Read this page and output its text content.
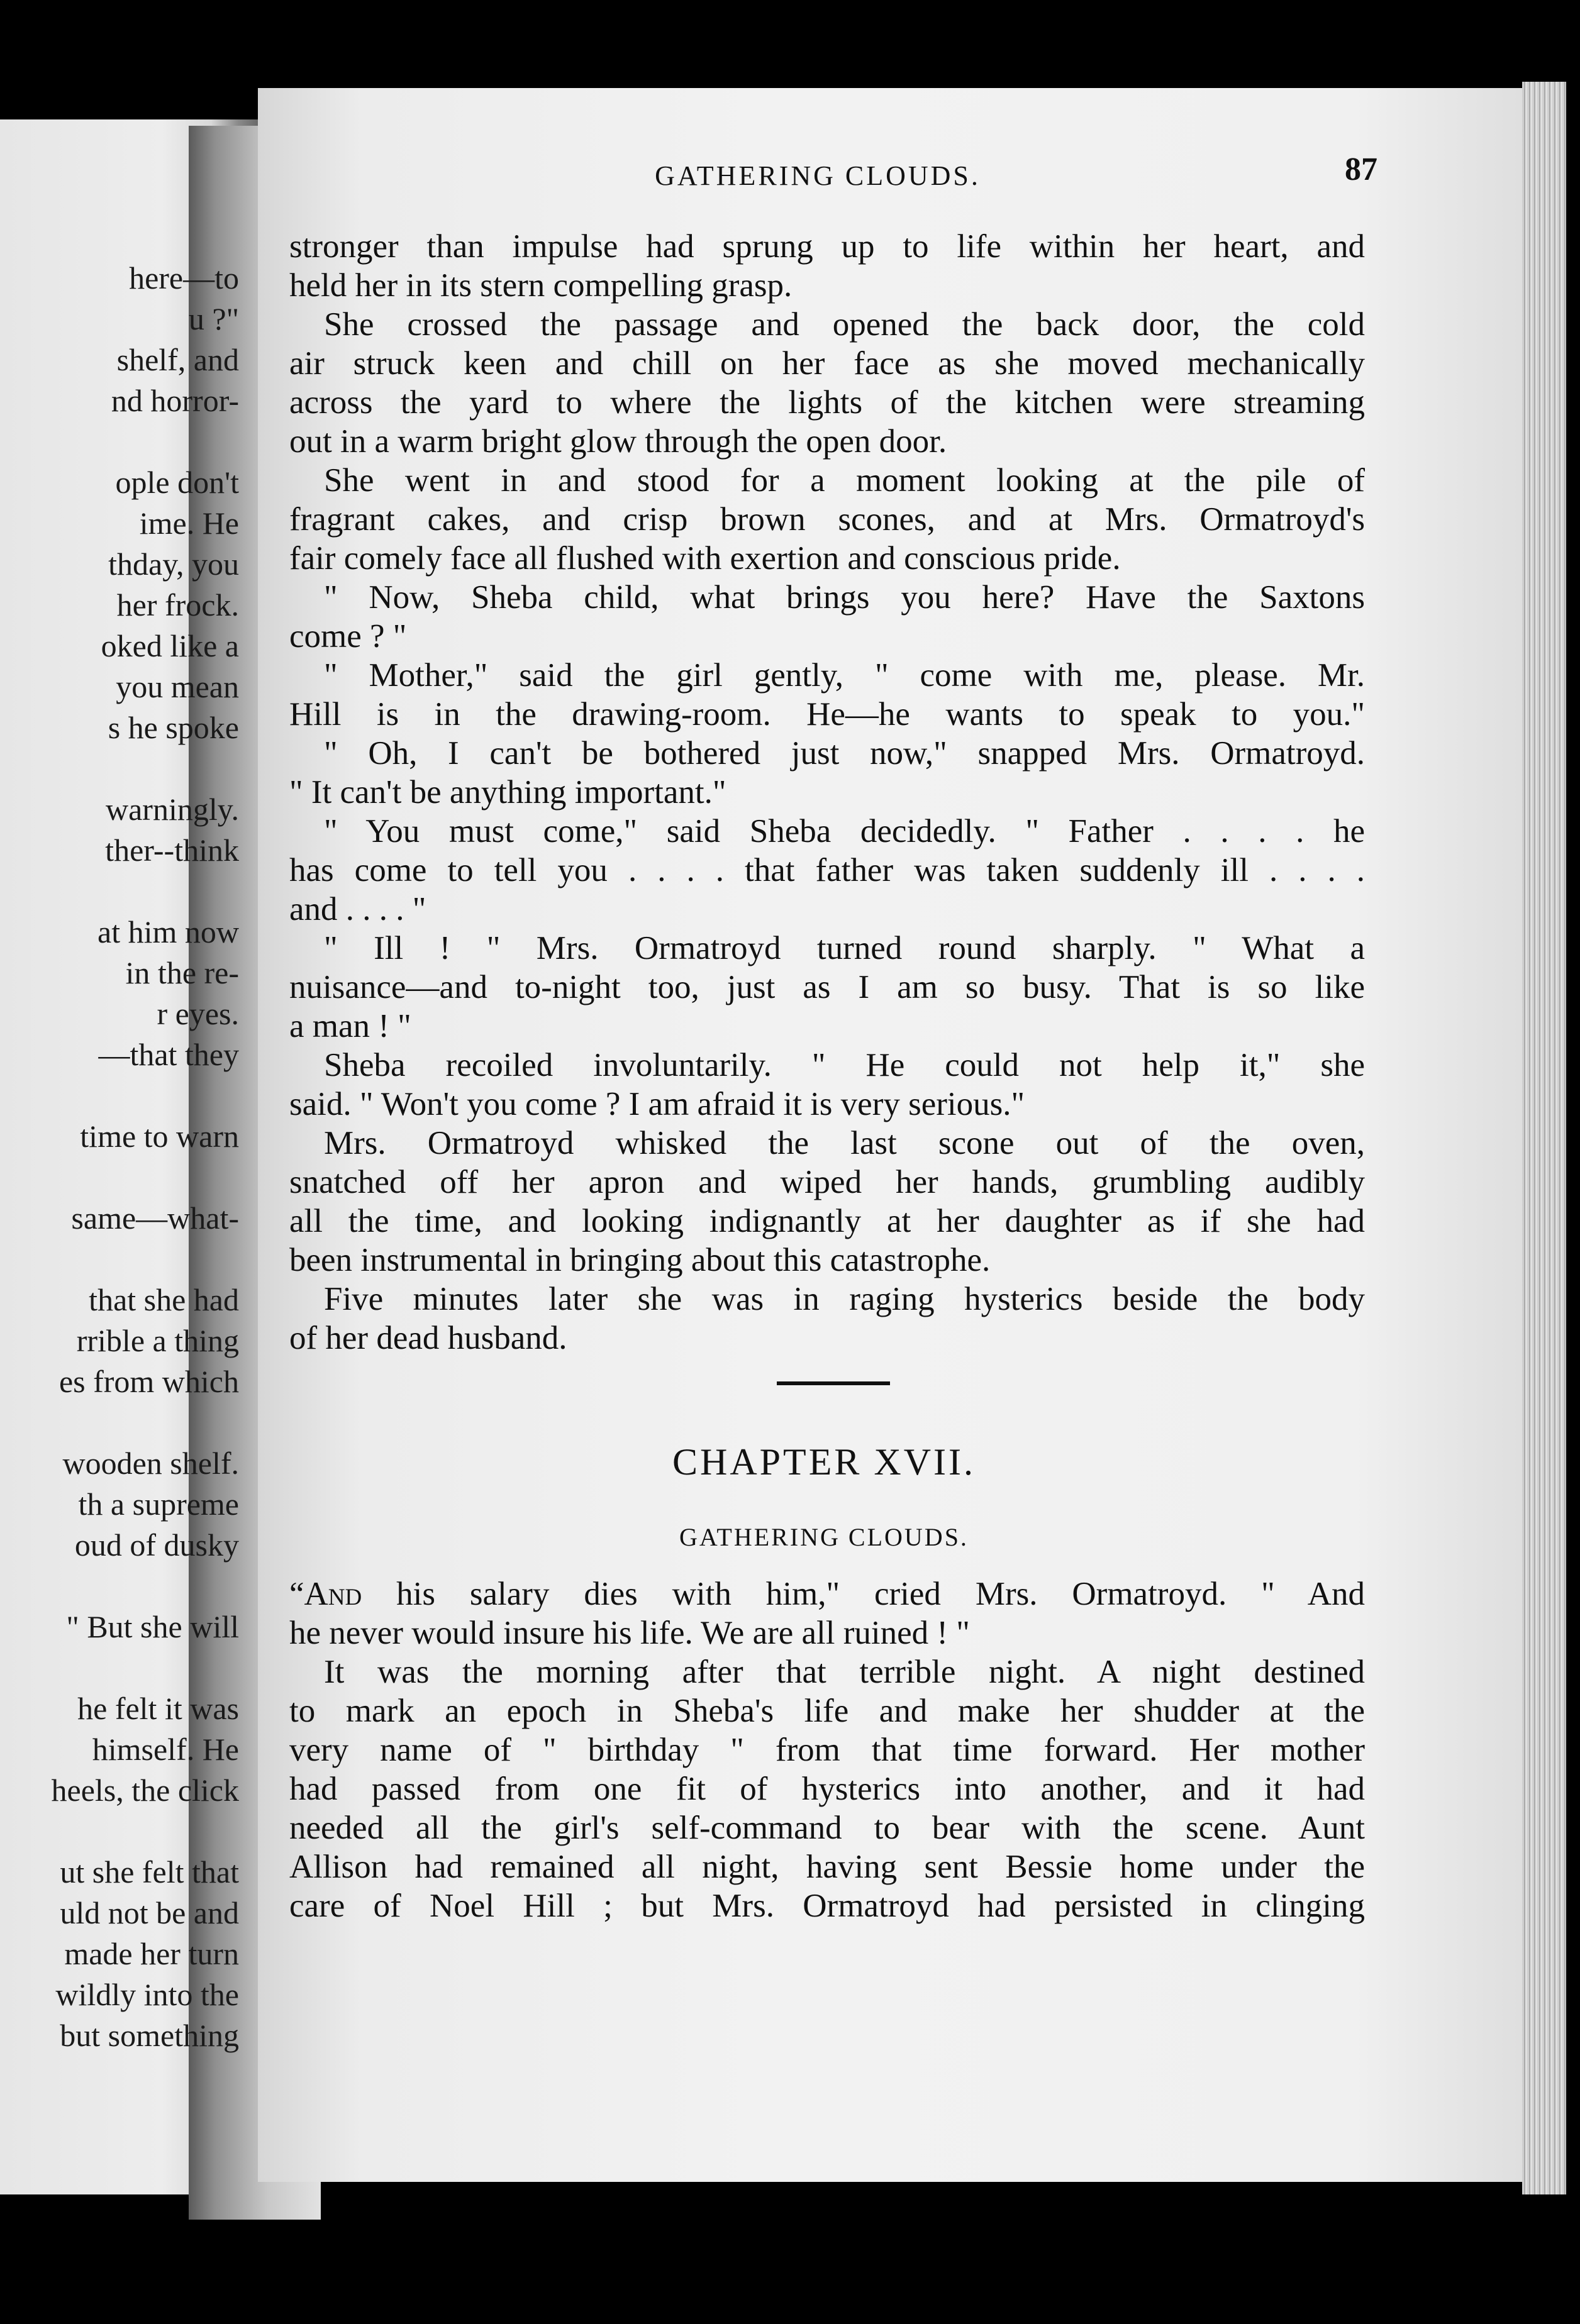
here—to
u ?"
shelf, and
nd horror-
ople don't
ime. He
thday, you
her frock.
oked like a
you mean
s he spoke
warningly.
ther--think
at him now
in the re-
r eyes.
—that they
time to warn
same—what-
that she had
rrible a thing
es from which
wooden shelf.
th a supreme
oud of dusky
" But she will
he felt it was
himself. He
heels, the click
ut she felt that
uld not be and
made her turn
wildly into the
but something
GATHERING CLOUDS.	87
stronger than impulse had sprung up to life within her heart, and
held her in its stern compelling grasp.
She crossed the passage and opened the back door, the cold
air struck keen and chill on her face as she moved mechanically
across the yard to where the lights of the kitchen were streaming
out in a warm bright glow through the open door.
She went in and stood for a moment looking at the pile of
fragrant cakes, and crisp brown scones, and at Mrs. Ormatroyd's
fair comely face all flushed with exertion and conscious pride.
" Now, Sheba child, what brings you here? Have the Saxtons
come ? "
" Mother," said the girl gently, " come with me, please. Mr.
Hill is in the drawing-room. He—he wants to speak to you."
" Oh, I can't be bothered just now," snapped Mrs. Ormatroyd.
" It can't be anything important."
" You must come," said Sheba decidedly. " Father . . . . he
has come to tell you . . . . that father was taken suddenly ill . . . .
and . . . . "
" Ill ! " Mrs. Ormatroyd turned round sharply. " What a
nuisance—and to-night too, just as I am so busy. That is so like
a man ! "
Sheba recoiled involuntarily. " He could not help it," she
said. " Won't you come ? I am afraid it is very serious."
Mrs. Ormatroyd whisked the last scone out of the oven,
snatched off her apron and wiped her hands, grumbling audibly
all the time, and looking indignantly at her daughter as if she had
been instrumental in bringing about this catastrophe.
Five minutes later she was in raging hysterics beside the body
of her dead husband.
CHAPTER XVII.
GATHERING CLOUDS.
“And his salary dies with him," cried Mrs. Ormatroyd. " And
he never would insure his life. We are all ruined ! "
It was the morning after that terrible night. A night destined
to mark an epoch in Sheba's life and make her shudder at the
very name of " birthday " from that time forward. Her mother
had passed from one fit of hysterics into another, and it had
needed all the girl's self-command to bear with the scene. Aunt
Allison had remained all night, having sent Bessie home under the
care of Noel Hill ; but Mrs. Ormatroyd had persisted in clinging
